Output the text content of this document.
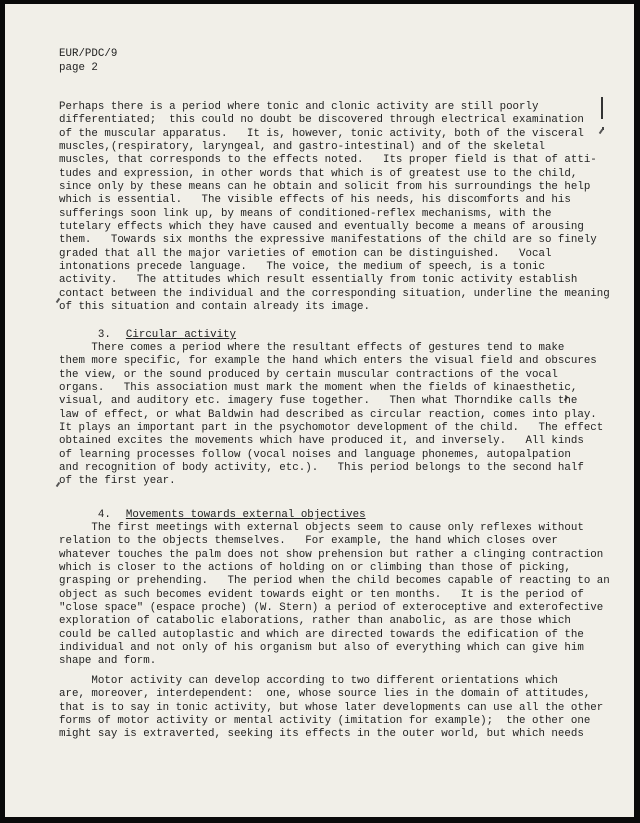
EUR/PDC/9

page 2

Perhaps there is a period where tonic and clonic activity are still poorly
differentiated;  this could no doubt be discovered through electrical examination
of the muscular apparatus.   It is, however, tonic activity, both of the visceral
muscles,(respiratory, laryngeal, and gastro-intestinal) and of the skeletal
muscles, that corresponds to the effects noted.   Its proper field is that of atti-
tudes and expression, in other words that which is of greatest use to the child,
since only by these means can he obtain and solicit from his surroundings the help
which is essential.   The visible effects of his needs, his discomforts and his
sufferings soon link up, by means of conditioned-reflex mechanisms, with the
tutelary effects which they have caused and eventually become a means of arousing
them.   Towards six months the expressive manifestations of the child are so finely
graded that all the major varieties of emotion can be distinguished.   Vocal
intonations precede language.   The voice, the medium of speech, is a tonic
activity.   The attitudes which result essentially from tonic activity establish
contact between the individual and the corresponding situation, underline the meaning
of this situation and contain already its image.

3. Circular activity

There comes a period where the resultant effects of gestures tend to make
them more specific, for example the hand which enters the visual field and obscures
the view, or the sound produced by certain muscular contractions of the vocal
organs.   This association must mark the moment when the fields of kinaesthetic,
visual, and auditory etc. imagery fuse together.   Then what Thorndike calls the
law of effect, or what Baldwin had described as circular reaction, comes into play.
It plays an important part in the psychomotor development of the child.   The effect
obtained excites the movements which have produced it, and inversely.   All kinds
of learning processes follow (vocal noises and language phonemes, autopalpation
and recognition of body activity, etc.).   This period belongs to the second half
of the first year.

4. Movements towards external objectives

The first meetings with external objects seem to cause only reflexes without
relation to the objects themselves.   For example, the hand which closes over
whatever touches the palm does not show prehension but rather a clinging contraction
which is closer to the actions of holding on or climbing than those of picking,
grasping or prehending.   The period when the child becomes capable of reacting to an
object as such becomes evident towards eight or ten months.   It is the period of
"close space" (espace proche) (W. Stern) a period of exteroceptive and exterofective
exploration of catabolic elaborations, rather than anabolic, as are those which
could be called autoplastic and which are directed towards the edification of the
individual and not only of his organism but also of everything which can give him
shape and form.

Motor activity can develop according to two different orientations which
are, moreover, interdependent:  one, whose source lies in the domain of attitudes,
that is to say in tonic activity, but whose later developments can use all the other
forms of motor activity or mental activity (imitation for example);  the other one
might say is extraverted, seeking its effects in the outer world, but which needs
